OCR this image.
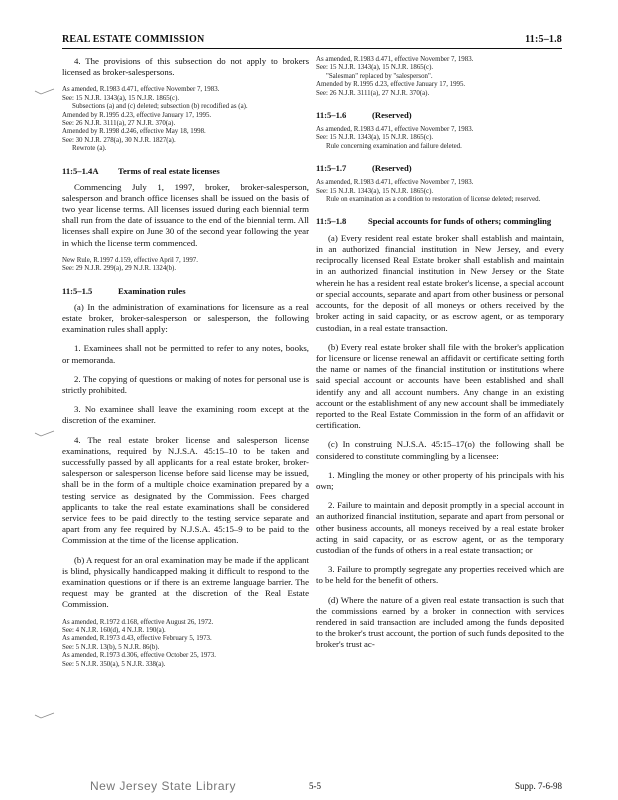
REAL ESTATE COMMISSION	11:5–1.8

4. The provisions of this subsection do not apply to brokers licensed as broker-salespersons.

As amended, R.1983 d.471, effective November 7, 1983.
See: 15 N.J.R. 1343(a), 15 N.J.R. 1865(c).
Subsections (a) and (c) deleted; subsection (b) recodified as (a).
Amended by R.1995 d.23, effective January 17, 1995.
See: 26 N.J.R. 3111(a), 27 N.J.R. 370(a).
Amended by R.1998 d.246, effective May 18, 1998.
See: 30 N.J.R. 278(a), 30 N.J.R. 1827(a).
Rewrote (a).
11:5–1.4A Terms of real estate licenses

Commencing July 1, 1997, broker, broker-salesperson, salesperson and branch office licenses shall be issued on the basis of two year license terms. All licenses issued during each biennial term shall run from the date of issuance to the end of the biennial term. All licenses shall expire on June 30 of the second year following the year in which the license term commenced.

New Rule, R.1997 d.159, effective April 7, 1997.
See: 29 N.J.R. 299(a), 29 N.J.R. 1324(b).
11:5–1.5	Examination rules

(a) In the administration of examinations for licensure as a real estate broker, broker-salesperson or salesperson, the following examination rules shall apply:

1. Examinees shall not be permitted to refer to any notes, books, or memoranda.

2. The copying of questions or making of notes for personal use is strictly prohibited.

3. No examinee shall leave the examining room except at the discretion of the examiner.

4. The real estate broker license and salesperson license examinations, required by N.J.S.A. 45:15–10 to be taken and successfully passed by all applicants for a real estate broker, broker-salesperson or salesperson license before said license may be issued, shall be in the form of a multiple choice examination prepared by a testing service as designated by the Commission. Fees charged applicants to take the real estate examinations shall be considered service fees to be paid directly to the testing service separate and apart from any fee required by N.J.S.A. 45:15–9 to be paid to the Commission at the time of the license application.

(b) A request for an oral examination may be made if the applicant is blind, physically handicapped making it difficult to respond to the examination questions or if there is an extreme language barrier. The request may be granted at the discretion of the Real Estate Commission.

As amended, R.1972 d.168, effective August 26, 1972.
See: 4 N.J.R. 160(d), 4 N.J.R. 190(a).
As amended, R.1973 d.43, effective February 5, 1973.
See: 5 N.J.R. 13(b), 5 N.J.R. 86(b).
As amended, R.1973 d.306, effective October 25, 1973.
See: 5 N.J.R. 350(a), 5 N.J.R. 338(a).
As amended, R.1983 d.471, effective November 7, 1983.
See: 15 N.J.R. 1343(a), 15 N.J.R. 1865(c).
"Salesman" replaced by "salesperson".
Amended by R.1995 d.23, effective January 17, 1995.
See: 26 N.J.R. 3111(a), 27 N.J.R. 370(a).
11:5–1.6	(Reserved)
As amended, R.1983 d.471, effective November 7, 1983.
See: 15 N.J.R. 1343(a), 15 N.J.R. 1865(c).
Rule concerning examination and failure deleted.
11:5–1.7	(Reserved)
As amended, R.1983 d.471, effective November 7, 1983.
See: 15 N.J.R. 1343(a), 15 N.J.R. 1865(c).
Rule on examination as a condition to restoration of license deleted; reserved.
11:5–1.8	Special accounts for funds of others; commingling

(a) Every resident real estate broker shall establish and maintain, in an authorized financial institution in New Jersey, and every reciprocally licensed Real Estate broker shall establish and maintain in an authorized financial institution in New Jersey or the State wherein he has a resident real estate broker's license, a special account or special accounts, separate and apart from other business or personal accounts, for the deposit of all moneys or others received by the broker acting in said capacity, or as escrow agent, or as temporary custodian, in a real estate transaction.

(b) Every real estate broker shall file with the broker's application for licensure or license renewal an affidavit or certificate setting forth the name or names of the financial institution or institutions where said special account or accounts have been established and shall identify any and all account numbers. Any change in an existing account or the establishment of any new account shall be immediately reported to the Real Estate Commission in the form of an affidavit or certification.

(c) In construing N.J.S.A. 45:15–17(o) the following shall be considered to constitute commingling by a licensee:

1. Mingling the money or other property of his principals with his own;

2. Failure to maintain and deposit promptly in a special account in an authorized financial institution, separate and apart from personal or other business accounts, all moneys received by a real estate broker acting in said capacity, or as escrow agent, or as the temporary custodian of the funds of others in a real estate transaction; or

3. Failure to promptly segregate any properties received which are to be held for the benefit of others.

(d) Where the nature of a given real estate transaction is such that the commissions earned by a broker in connection with services rendered in said transaction are included among the funds deposited to the broker's trust account, the portion of such funds deposited to the broker's trust ac-

New Jersey State Library	5-5	Supp. 7-6-98
